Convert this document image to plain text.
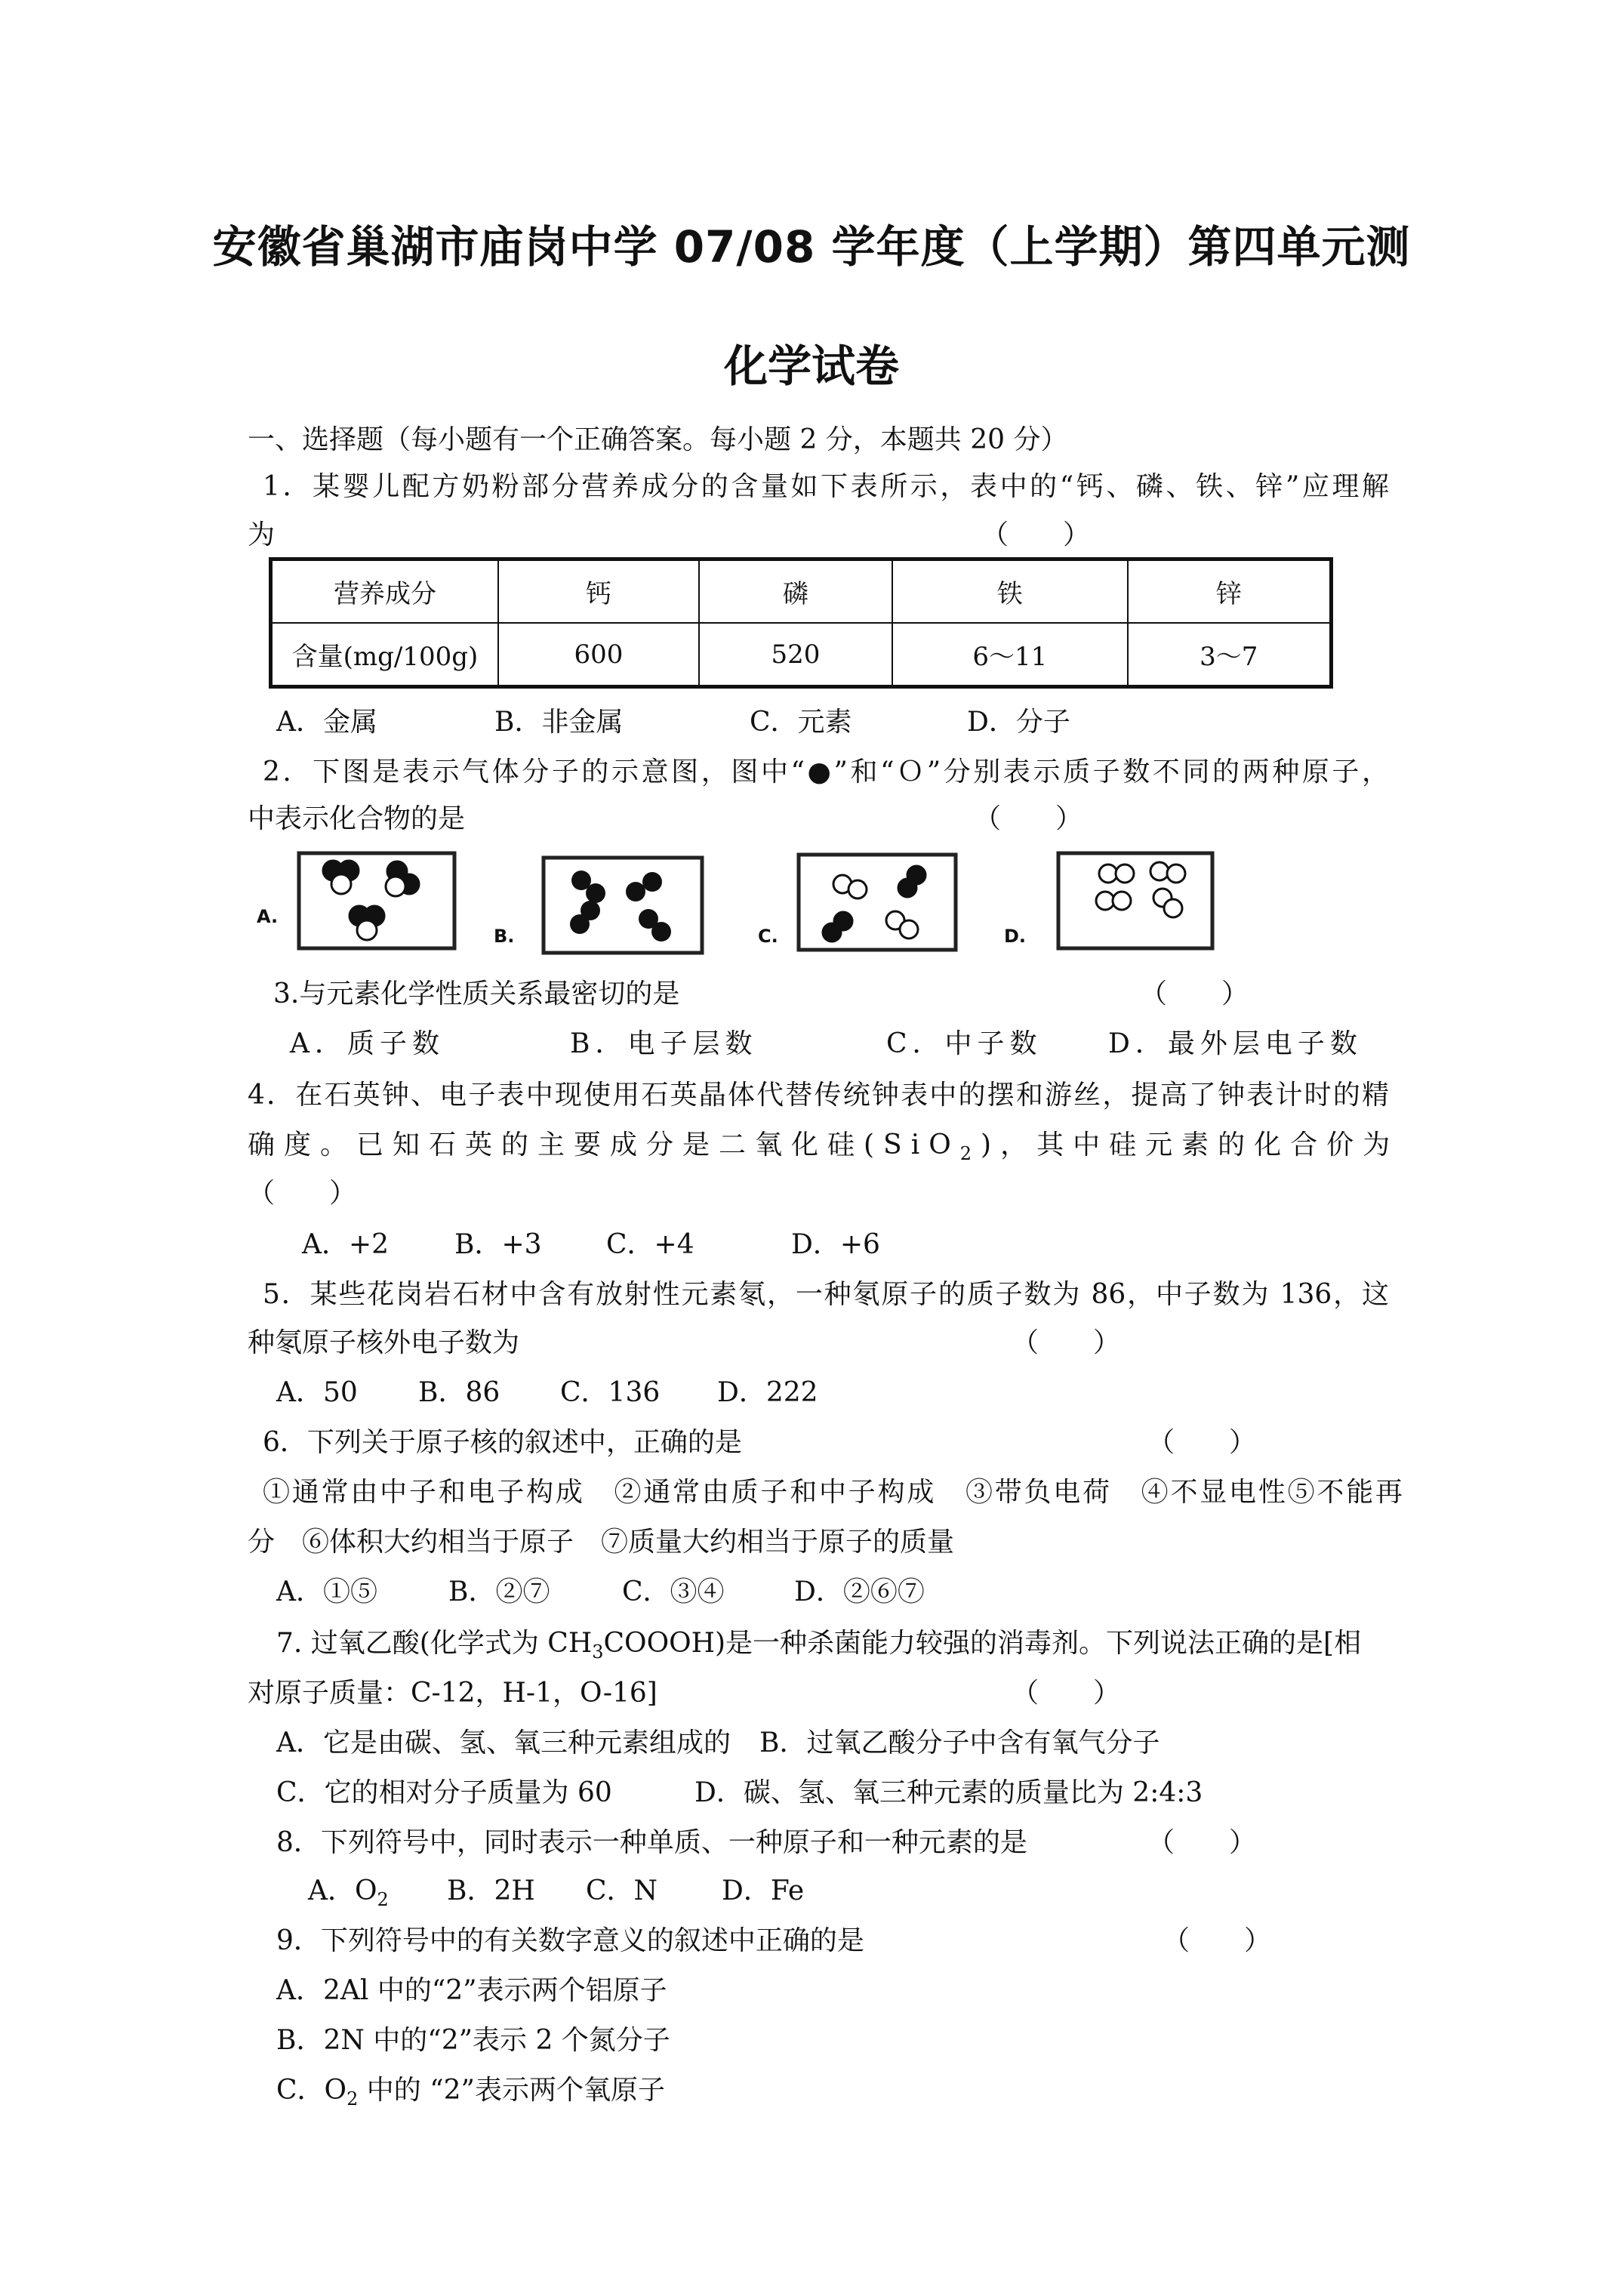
安徽省巢湖市庙岗中学 07/08 学年度（上学期）第四单元测
化学试卷
一、选择题（每小题有一个正确答案。每小题 2 分，本题共 20 分）
1．某婴儿配方奶粉部分营养成分的含量如下表所示，表中的“钙、磷、铁、锌”应理解
为	（　　）
营养成分	钙	磷	铁	锌
含量(mg/100g)	600	520	6～11	3～7
A．金属	B．非金属	C．元素	D．分子
2．下图是表示气体分子的示意图，图中“●”和“Ｏ”分别表示质子数不同的两种原子，
中表示化合物的是	（　　）
A.
B.	C.	D.
3.与元素化学性质关系最密切的是	（　　）
A．质子数	B．电子层数	C．中子数 D．最外层电子数
4．在石英钟、电子表中现使用石英晶体代替传统钟表中的摆和游丝，提高了钟表计时的精
确度。已知石英的主要成分是二氧化硅(SiO$_2$)，其中硅元素的化合价为
（　　）
A．+2 B．+3 C．+4	D．+6
5．某些花岗岩石材中含有放射性元素氡，一种氡原子的质子数为 86，中子数为 136，这
种氡原子核外电子数为	（　　）
A．50 B．86 C．136 D．222
6．下列关于原子核的叙述中，正确的是	（　　）
①通常由中子和电子构成　②通常由质子和中子构成　③带负电荷　④不显电性⑤不能再
分　⑥体积大约相当于原子　⑦质量大约相当于原子的质量
A．①⑤	B．②⑦	C．③④	D．②⑥⑦
7. 过氧乙酸(化学式为 $CH_3COOOH$)是一种杀菌能力较强的消毒剂。下列说法正确的是[相
对原子质量：C-12，H-1，O-16]	（　　）
A．它是由碳、氢、氧三种元素组成的 B．过氧乙酸分子中含有氧气分子
C．它的相对分子质量为 60	D．碳、氢、氧三种元素的质量比为 2:4:3
8．下列符号中，同时表示一种单质、一种原子和一种元素的是	（　　）
A．$O_2$ B．2H C．N D．Fe
9．下列符号中的有关数字意义的叙述中正确的是	（　　）
A．2Al 中的“2”表示两个铝原子
B．2N 中的“2”表示 2 个氮分子
C．$O_2$ 中的 “2”表示两个氧原子
